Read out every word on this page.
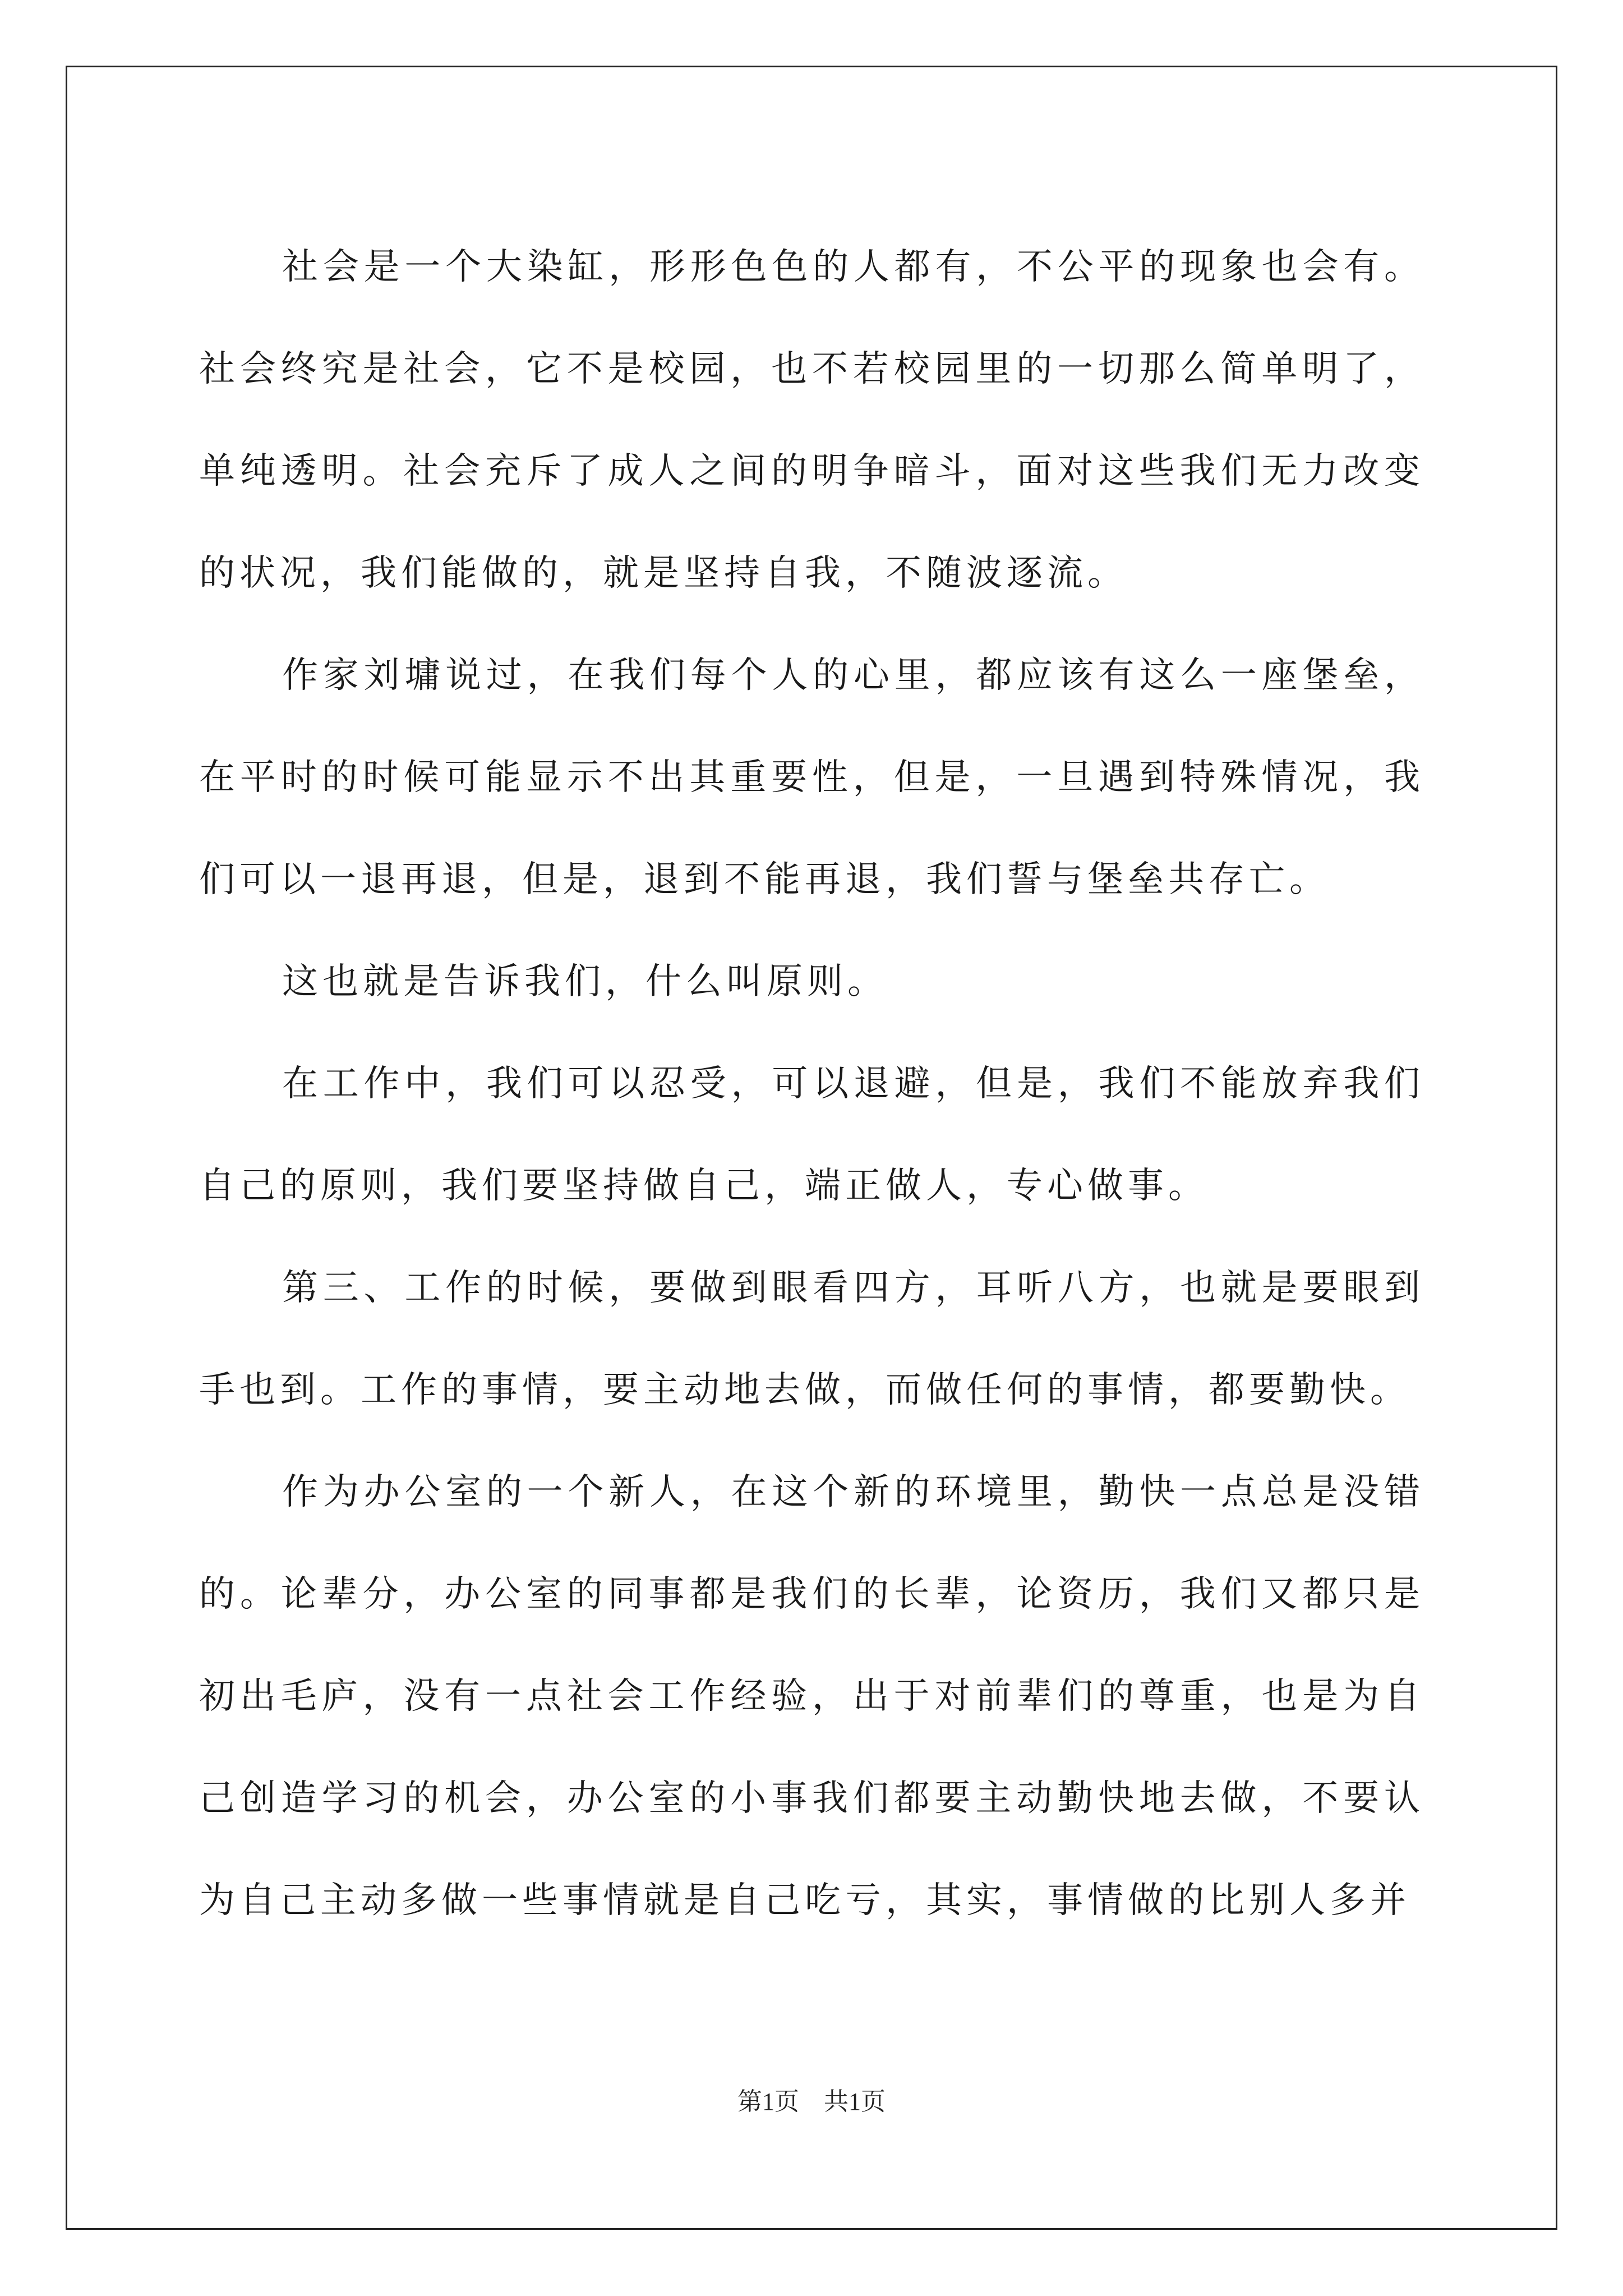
社会是一个大染缸，形形色色的人都有，不公平的现象也会有。社会终究是社会，它不是校园，也不若校园里的一切那么简单明了，单纯透明。社会充斥了成人之间的明争暗斗，面对这些我们无力改变的状况，我们能做的，就是坚持自我，不随波逐流。

作家刘墉说过，在我们每个人的心里，都应该有这么一座堡垒，在平时的时候可能显示不出其重要性，但是，一旦遇到特殊情况，我们可以一退再退，但是，退到不能再退，我们誓与堡垒共存亡。

这也就是告诉我们，什么叫原则。

在工作中，我们可以忍受，可以退避，但是，我们不能放弃我们自己的原则，我们要坚持做自己，端正做人，专心做事。

第三、工作的时候，要做到眼看四方，耳听八方，也就是要眼到手也到。工作的事情，要主动地去做，而做任何的事情，都要勤快。

作为办公室的一个新人，在这个新的环境里，勤快一点总是没错的。论辈分，办公室的同事都是我们的长辈，论资历，我们又都只是初出毛庐，没有一点社会工作经验，出于对前辈们的尊重，也是为自己创造学习的机会，办公室的小事我们都要主动勤快地去做，不要认为自己主动多做一些事情就是自己吃亏，其实，事情做的比别人多并

第1页 共1页
